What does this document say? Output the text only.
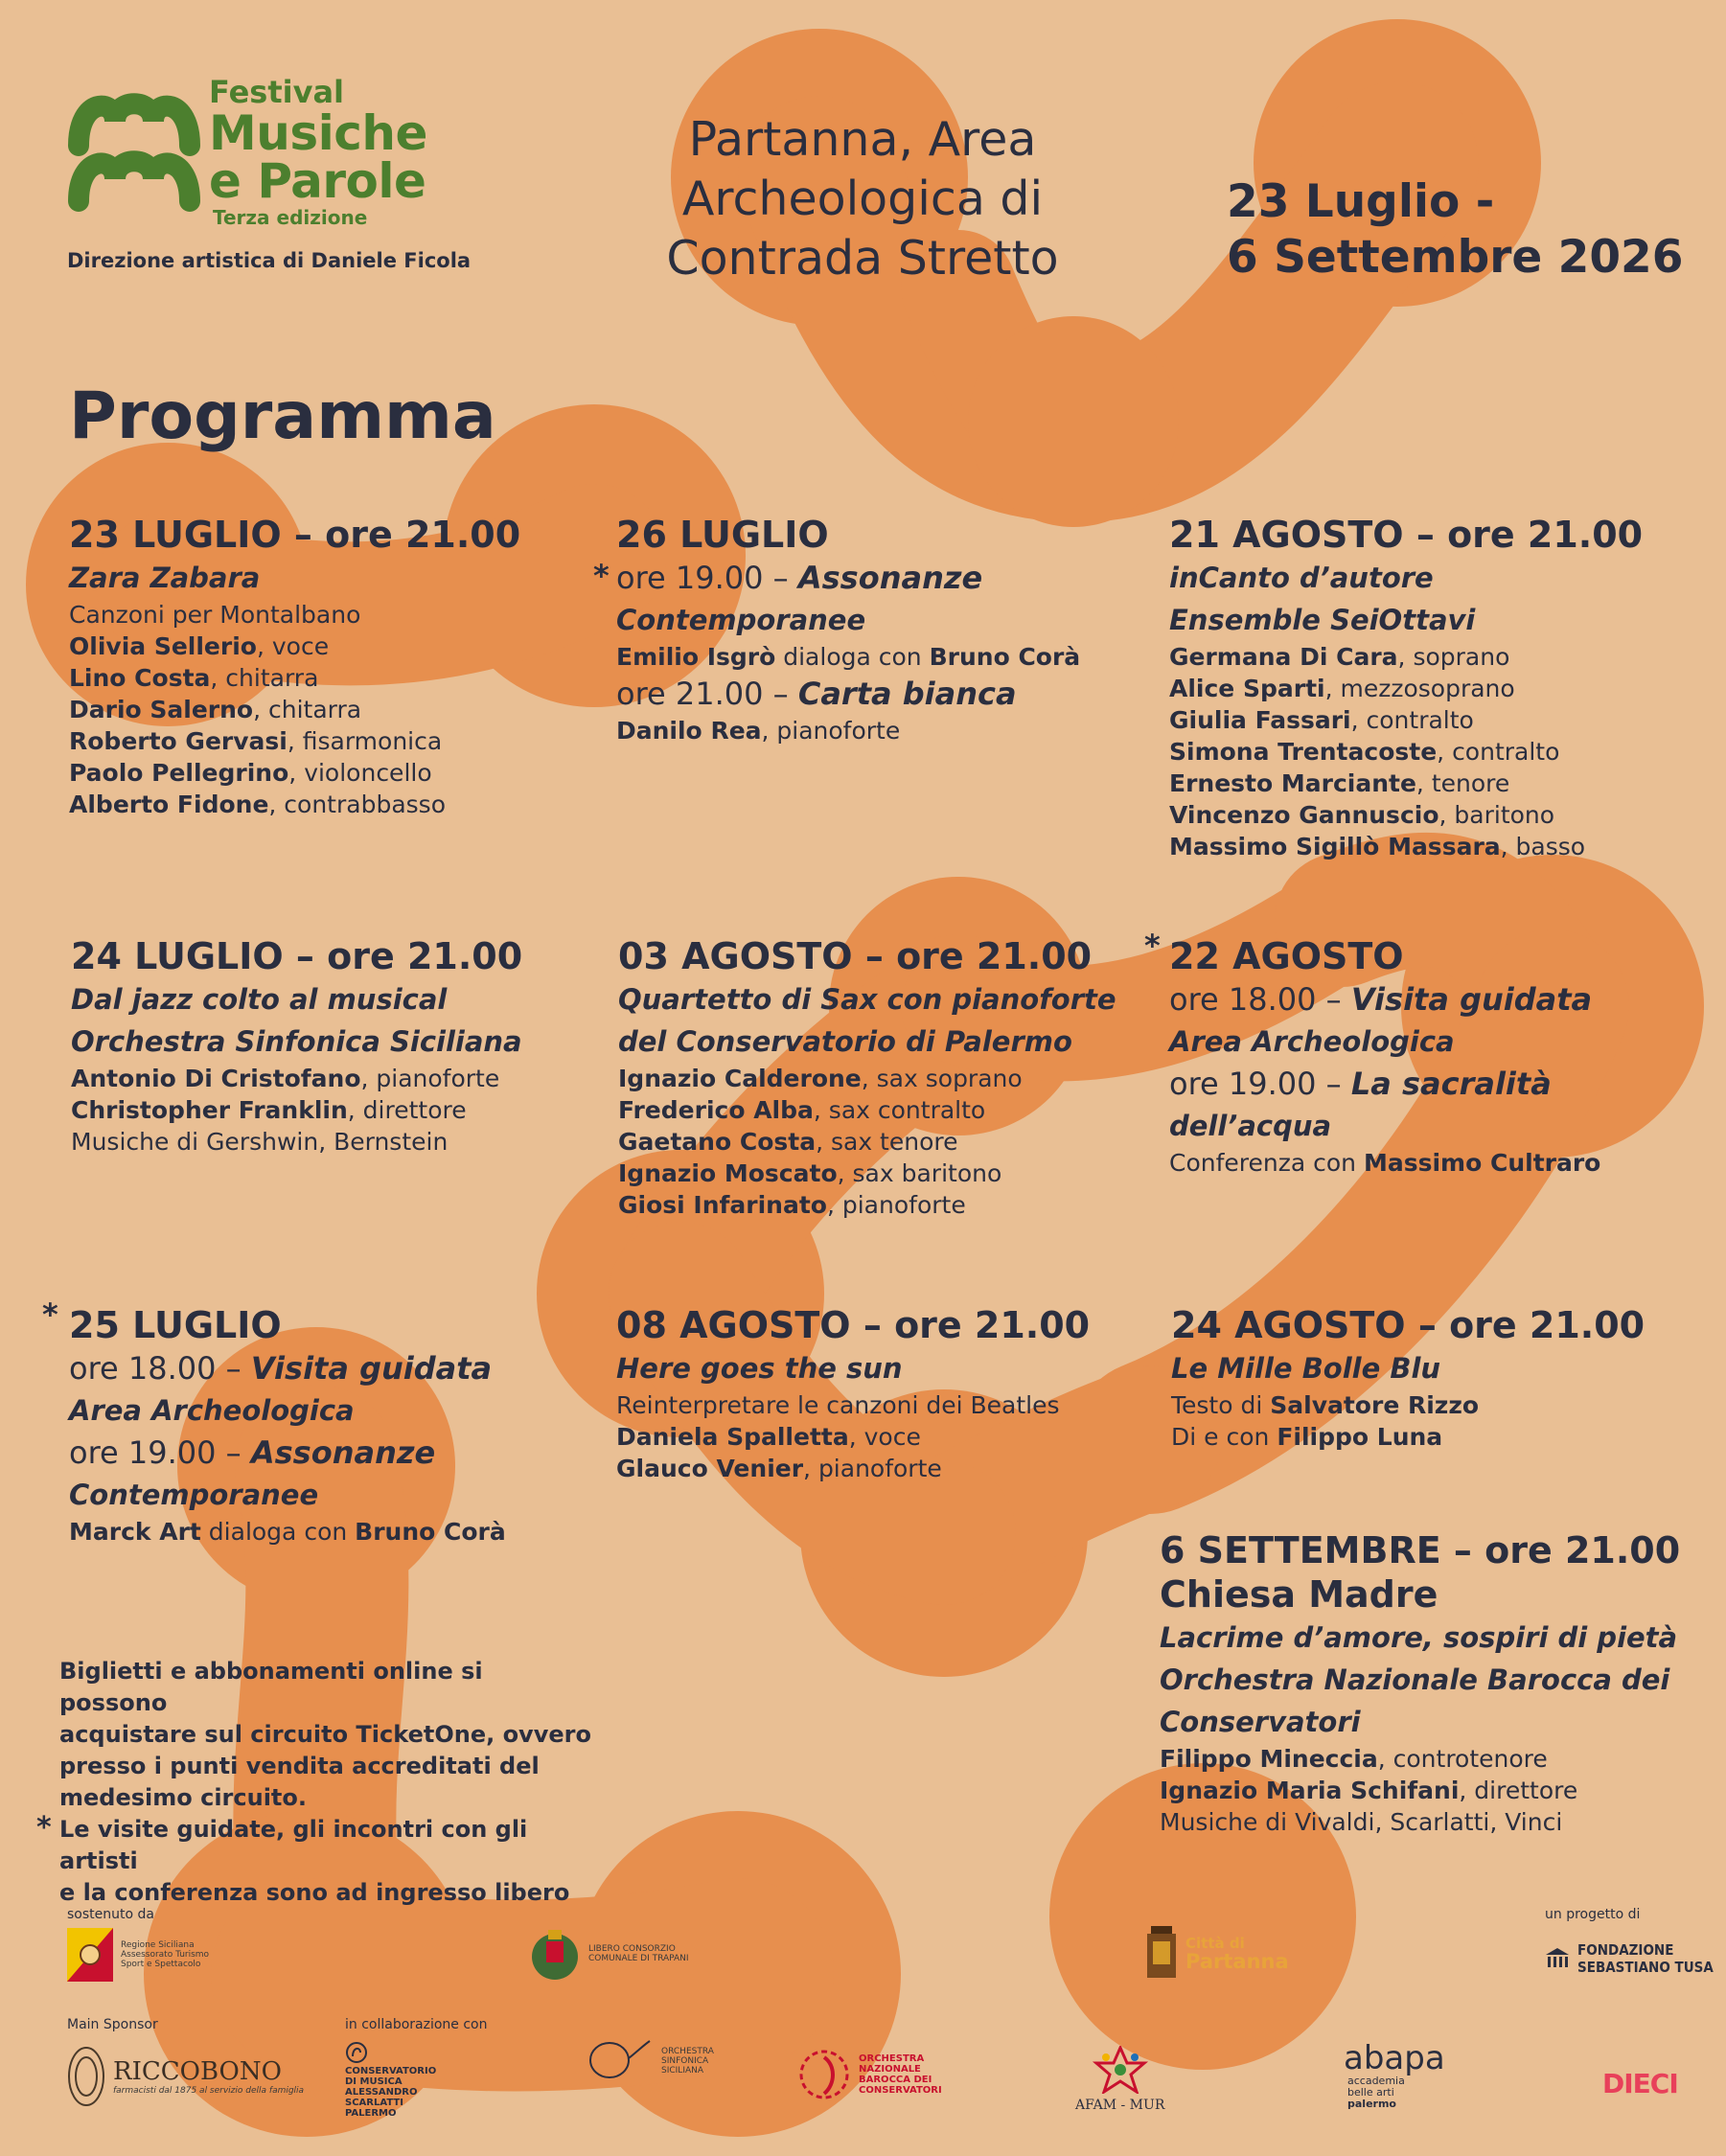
Festival
Musiche
e Parole
Terza edizione
Direzione artistica di Daniele Ficola
Partanna, Area
Archeologica di
Contrada Stretto
23 Luglio -
6 Settembre 2026
Programma
23 LUGLIO – ore 21.00
Zara Zabara
Canzoni per Montalbano
Olivia Sellerio, voce
Lino Costa, chitarra
Dario Salerno, chitarra
Roberto Gervasi, fisarmonica
Paolo Pellegrino, violoncello
Alberto Fidone, contrabbasso
*
26 LUGLIO
ore 19.00 – Assonanze
Contemporanee
Emilio Isgrò dialoga con Bruno Corà
ore 21.00 – Carta bianca
Danilo Rea, pianoforte
21 AGOSTO – ore 21.00
inCanto d’autore
Ensemble SeiOttavi
Germana Di Cara, soprano
Alice Sparti, mezzosoprano
Giulia Fassari, contralto
Simona Trentacoste, contralto
Ernesto Marciante, tenore
Vincenzo Gannuscio, baritono
Massimo Sigillò Massara, basso
24 LUGLIO – ore 21.00
Dal jazz colto al musical
Orchestra Sinfonica Siciliana
Antonio Di Cristofano, pianoforte
Christopher Franklin, direttore
Musiche di Gershwin, Bernstein
03 AGOSTO – ore 21.00
Quartetto di Sax con pianoforte
del Conservatorio di Palermo
Ignazio Calderone, sax soprano
Frederico Alba, sax contralto
Gaetano Costa, sax tenore
Ignazio Moscato, sax baritono
Giosi Infarinato, pianoforte
* 22 AGOSTO
ore 18.00 – Visita guidata
Area Archeologica
ore 19.00 – La sacralità
dell’acqua
Conferenza con Massimo Cultraro
* 25 LUGLIO
ore 18.00 – Visita guidata
Area Archeologica
ore 19.00 – Assonanze
Contemporanee
Marck Art dialoga con Bruno Corà
08 AGOSTO – ore 21.00
Here goes the sun
Reinterpretare le canzoni dei Beatles
Daniela Spalletta, voce
Glauco Venier, pianoforte
24 AGOSTO – ore 21.00
Le Mille Bolle Blu
Testo di Salvatore Rizzo
Di e con Filippo Luna
6 SETTEMBRE – ore 21.00
Chiesa Madre
Lacrime d’amore, sospiri di pietà
Orchestra Nazionale Barocca dei
Conservatori
Filippo Mineccia, controtenore
Ignazio Maria Schifani, direttore
Musiche di Vivaldi, Scarlatti, Vinci
Biglietti e abbonamenti online si possono
acquistare sul circuito TicketOne, ovvero
presso i punti vendita accreditati del
medesimo circuito.
* Le visite guidate, gli incontri con gli artisti
e la conferenza sono ad ingresso libero
sostenuto da
Regione Siciliana
Assessorato Turismo
Sport e Spettacolo
LIBERO CONSORZIO
COMUNALE DI TRAPANI
Città di
Partanna
un progetto di
FONDAZIONE
SEBASTIANO TUSA
Main Sponsor
RICCOBONO
farmacisti dal 1875 al servizio della famiglia
in collaborazione con
CONSERVATORIO
DI MUSICA
ALESSANDRO
SCARLATTI
PALERMO
ORCHESTRA
SINFONICA
SICILIANA
ORCHESTRA
NAZIONALE
BAROCCA DEI
CONSERVATORI
AFAM - MUR
abapa
accademia
belle arti
palermo
DIECI
